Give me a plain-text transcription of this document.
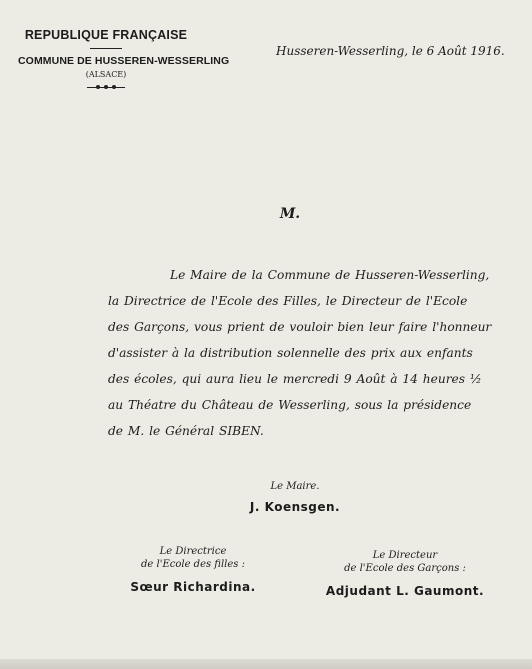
REPUBLIQUE FRANÇAISE
COMMUNE DE HUSSEREN-WESSERLING
(ALSACE)
Husseren-Wesserling, le 6 Août 1916.
M.
Le Maire de la Commune de Husseren-Wesserling,
la Directrice de l'Ecole des Filles, le Directeur de l'Ecole
des Garçons, vous prient de vouloir bien leur faire l'honneur
d'assister à la distribution solennelle des prix aux enfants
des écoles, qui aura lieu le mercredi 9 Août à 14 heures ½
au Théatre du Château de Wesserling, sous la présidence
de M. le Général SIBEN.
Le Maire.
J. Koensgen.
Le Directrice
de l'Ecole des filles :
Sœur Richardina.
Le Directeur
de l'Ecole des Garçons :
Adjudant L. Gaumont.
